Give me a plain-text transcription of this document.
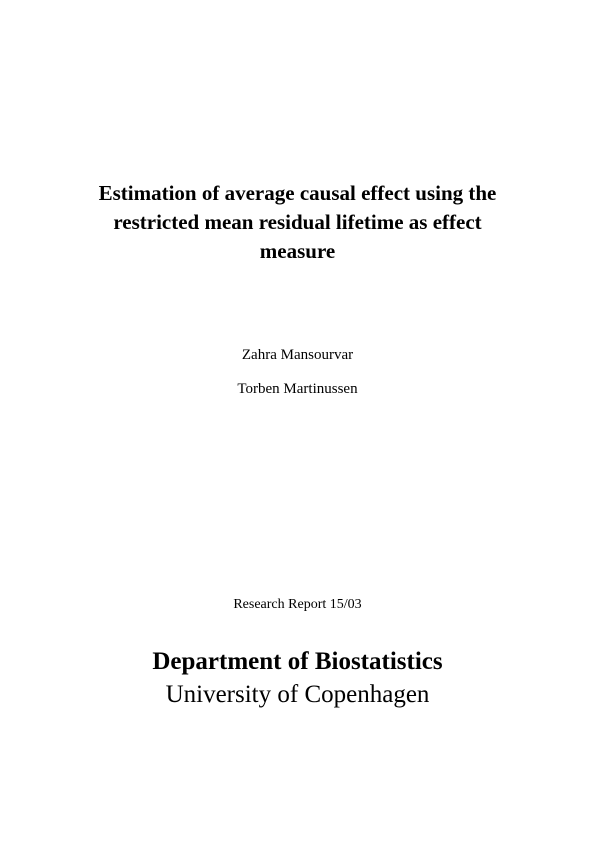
Estimation of average causal effect using the
restricted mean residual lifetime as effect
measure

Zahra Mansourvar

Torben Martinussen

Research Report 15/03

Department of Biostatistics

University of Copenhagen
